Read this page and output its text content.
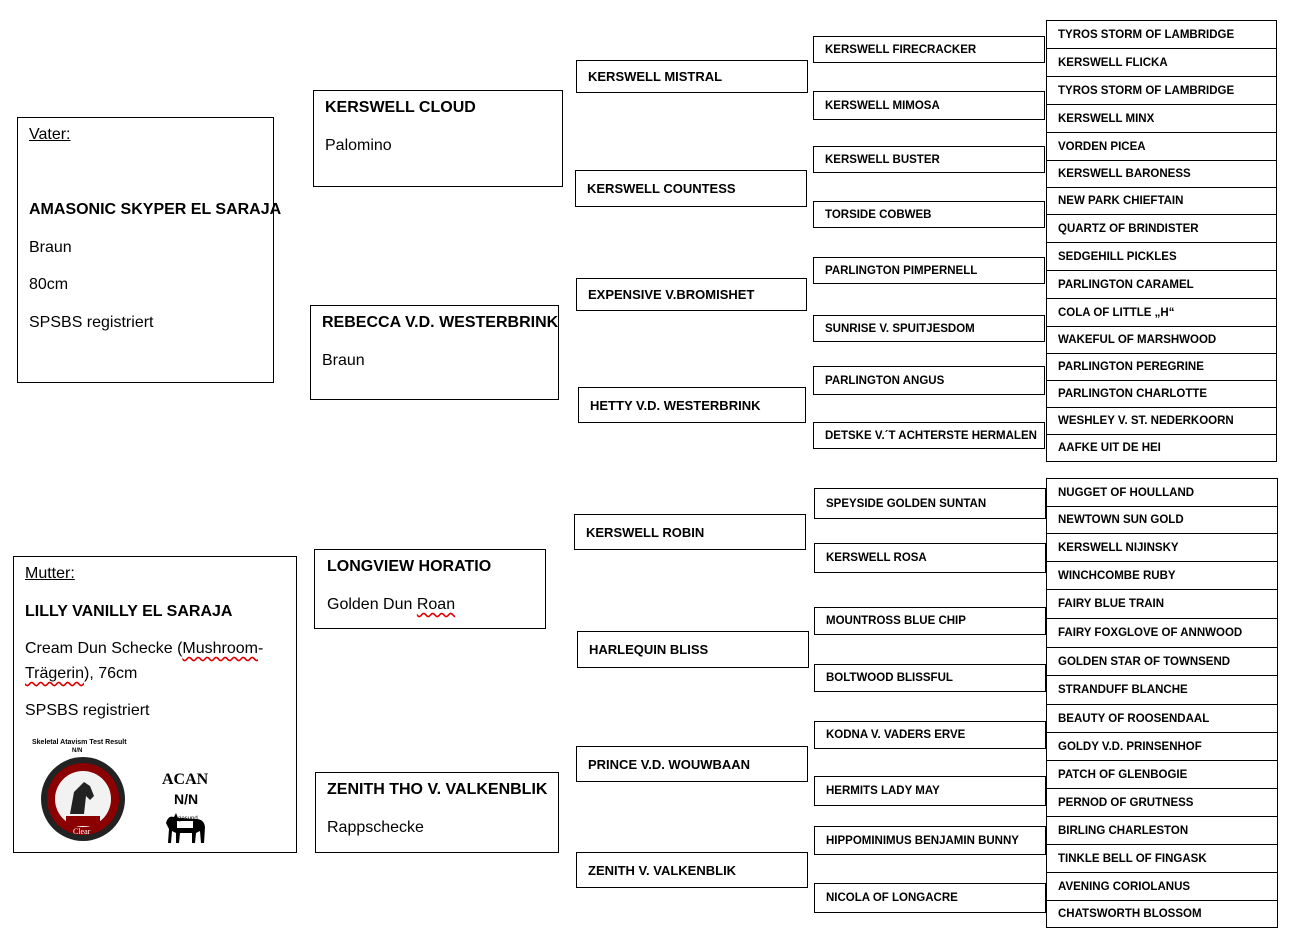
Vater:

AMASONIC SKYPER EL SARAJA

Braun

80cm

SPSBS registriert

Mutter:

LILLY VANILLY EL SARAJA

Cream Dun Schecke (Mushroom-

Trägerin), 76cm

SPSBS registriert

Skeletal Atavism Test Result

N/N

Clear

ACAN

N/N

gesund

KERSWELL CLOUD

Palomino

REBECCA V.D. WESTERBRINK

Braun

LONGVIEW HORATIO

Golden Dun Roan

ZENITH THO V. VALKENBLIK

Rappschecke

KERSWELL MISTRAL
KERSWELL COUNTESS
EXPENSIVE V.BROMISHET
HETTY V.D. WESTERBRINK
KERSWELL ROBIN
HARLEQUIN BLISS
PRINCE V.D. WOUWBAAN
ZENITH V. VALKENBLIK
KERSWELL FIRECRACKER
KERSWELL MIMOSA
KERSWELL BUSTER
TORSIDE COBWEB
PARLINGTON PIMPERNELL
SUNRISE V. SPUITJESDOM
PARLINGTON ANGUS
DETSKE V.´T ACHTERSTE HERMALEN
SPEYSIDE GOLDEN SUNTAN
KERSWELL ROSA
MOUNTROSS BLUE CHIP
BOLTWOOD BLISSFUL
KODNA V. VADERS ERVE
HERMITS LADY MAY
HIPPOMINIMUS BENJAMIN BUNNY
NICOLA OF LONGACRE
TYROS STORM OF LAMBRIDGE
KERSWELL FLICKA
TYROS STORM OF LAMBRIDGE
KERSWELL MINX
VORDEN PICEA
KERSWELL BARONESS
NEW PARK CHIEFTAIN
QUARTZ OF BRINDISTER
SEDGEHILL PICKLES
PARLINGTON CARAMEL
COLA OF LITTLE „H“
WAKEFUL OF MARSHWOOD
PARLINGTON PEREGRINE
PARLINGTON CHARLOTTE
WESHLEY V. ST. NEDERKOORN
AAFKE UIT DE HEI
NUGGET OF HOULLAND
NEWTOWN SUN GOLD
KERSWELL NIJINSKY
WINCHCOMBE RUBY
FAIRY BLUE TRAIN
FAIRY FOXGLOVE OF ANNWOOD
GOLDEN STAR OF TOWNSEND
STRANDUFF BLANCHE
BEAUTY OF ROOSENDAAL
GOLDY V.D. PRINSENHOF
PATCH OF GLENBOGIE
PERNOD OF GRUTNESS
BIRLING CHARLESTON
TINKLE BELL OF FINGASK
AVENING CORIOLANUS
CHATSWORTH BLOSSOM
